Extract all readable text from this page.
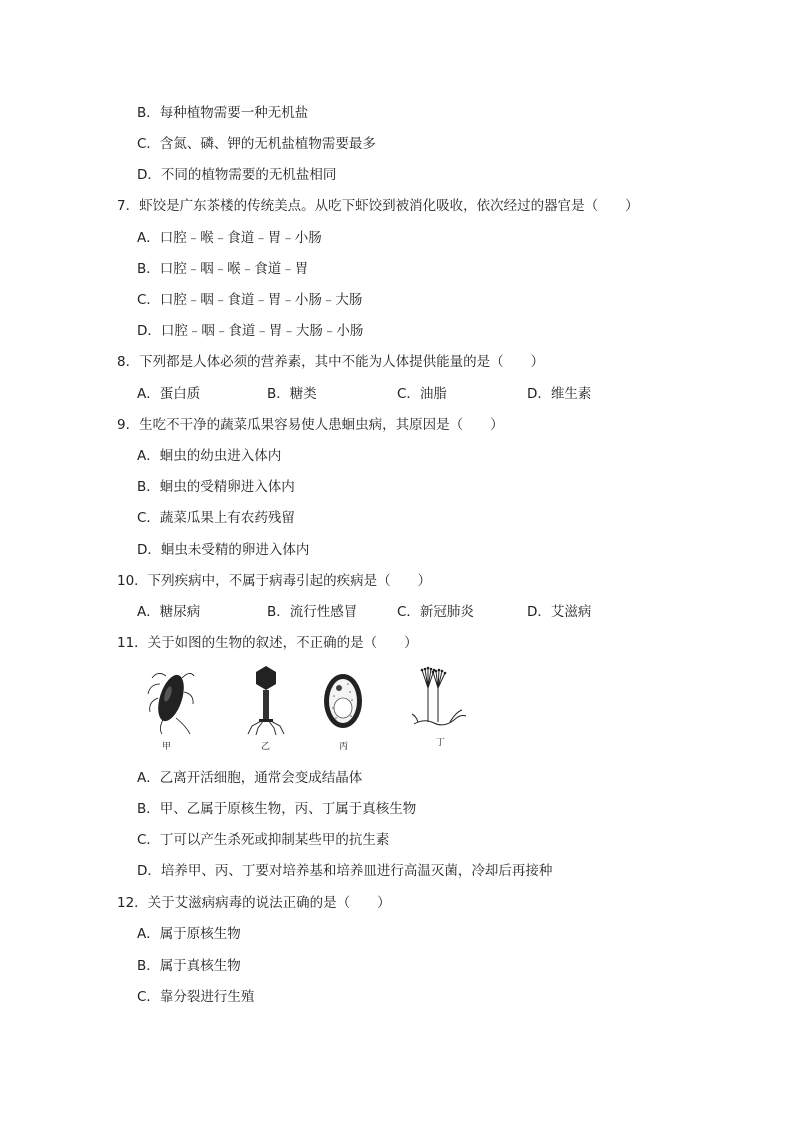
B．每种植物需要一种无机盐
C．含氮、磷、钾的无机盐植物需要最多
D．不同的植物需要的无机盐相同
7．虾饺是广东茶楼的传统美点。从吃下虾饺到被消化吸收，依次经过的器官是（　　）
A．口腔﹣喉﹣食道﹣胃﹣小肠
B．口腔﹣咽﹣喉﹣食道﹣胃
C．口腔﹣咽﹣食道﹣胃﹣小肠﹣大肠
D．口腔﹣咽﹣食道﹣胃﹣大肠﹣小肠
8．下列都是人体必须的营养素，其中不能为人体提供能量的是（　　）
A．蛋白质	B．糖类	C．油脂	D．维生素
9．生吃不干净的蔬菜瓜果容易使人患蛔虫病，其原因是（　　）
A．蛔虫的幼虫进入体内
B．蛔虫的受精卵进入体内
C．蔬菜瓜果上有农药残留
D．蛔虫未受精的卵进入体内
10．下列疾病中，不属于病毒引起的疾病是（　　）
A．糖尿病	B．流行性感冒	C．新冠肺炎	D．艾滋病
11．关于如图的生物的叙述，不正确的是（　　）
甲	乙	丙	丁
A．乙离开活细胞，通常会变成结晶体
B．甲、乙属于原核生物，丙、丁属于真核生物
C．丁可以产生杀死或抑制某些甲的抗生素
D．培养甲、丙、丁要对培养基和培养皿进行高温灭菌，冷却后再接种
12．关于艾滋病病毒的说法正确的是（　　）
A．属于原核生物
B．属于真核生物
C．靠分裂进行生殖
